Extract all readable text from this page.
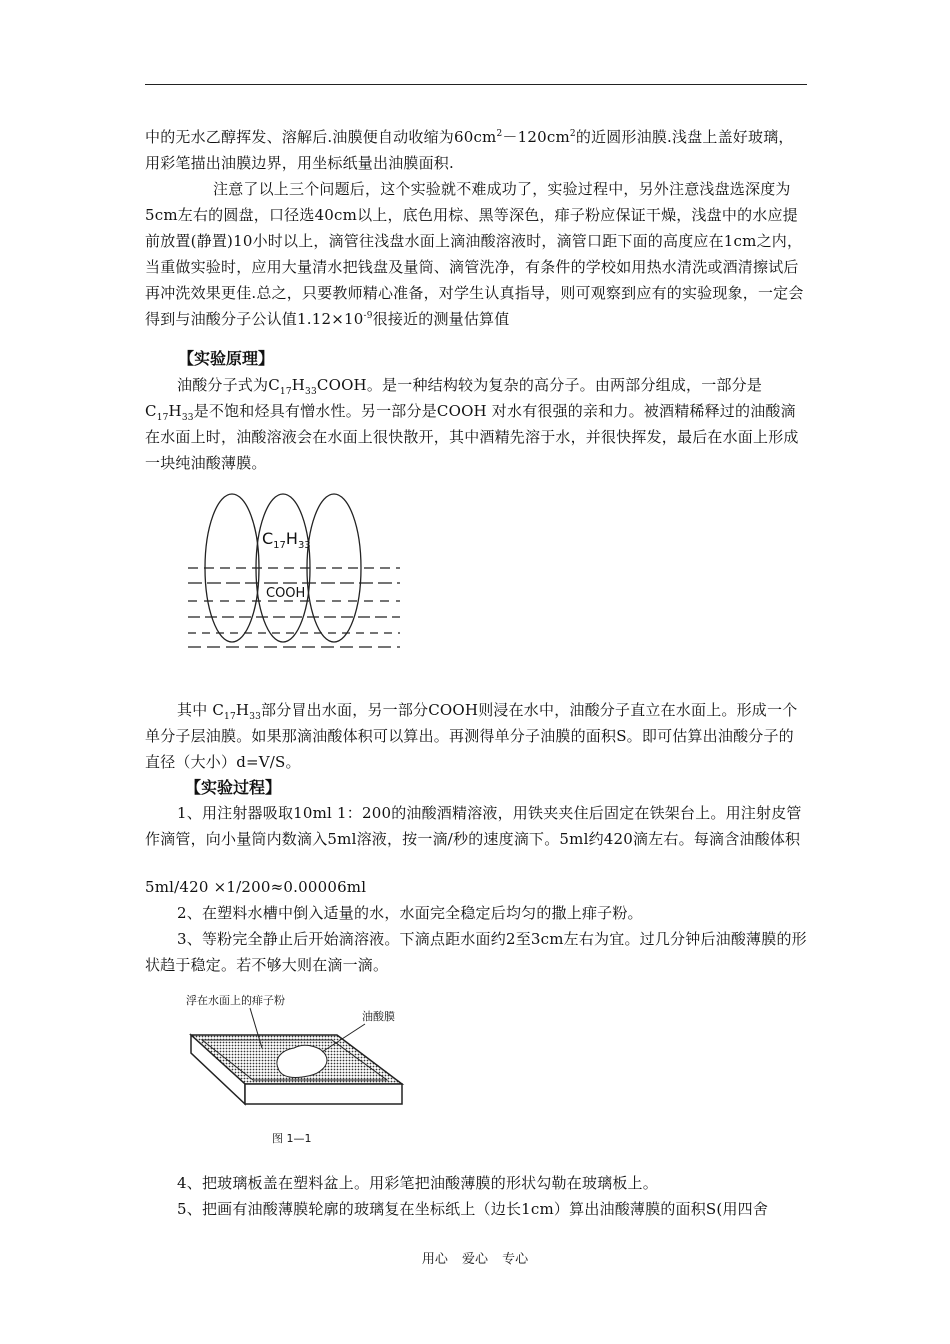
中的无水乙醇挥发、溶解后.油膜便自动收缩为$60cm^2-120cm^2$的近圆形油膜.浅盘上盖好玻璃，用彩笔描出油膜边界，用坐标纸量出油膜面积.

注意了以上三个问题后，这个实验就不难成功了，实验过程中，另外注意浅盘选深度为5cm左右的圆盘，口径选40cm以上，底色用棕、黑等深色，痱子粉应保证干燥，浅盘中的水应提前放置(静置)10小时以上，滴管往浅盘水面上滴油酸溶液时，滴管口距下面的高度应在1cm之内，当重做实验时，应用大量清水把钱盘及量筒、滴管洗净，有条件的学校如用热水清洗或酒清擦试后再冲洗效果更佳.总之，只要教师精心准备，对学生认真指导，则可观察到应有的实验现象，一定会得到与油酸分子公认值$1.12\times 10^{-9}$很接近的测量估算值

【实验原理】

油酸分子式为$C_{17}H_{33}COOH$。是一种结构较为复杂的高分子。由两部分组成，一部分是$C_{17}H_{33}$是不饱和烃具有憎水性。另一部分是COOH 对水有很强的亲和力。被酒精稀释过的油酸滴在水面上时，油酸溶液会在水面上很快散开，其中酒精先溶于水，并很快挥发，最后在水面上形成一块纯油酸薄膜。

$C_{17}H_{33}$
COOH

其中 $C_{17}H_{33}$部分冒出水面，另一部分COOH则浸在水中，油酸分子直立在水面上。形成一个单分子层油膜。如果那滴油酸体积可以算出。再测得单分子油膜的面积S。即可估算出油酸分子的直径（大小）d=V/S。

【实验过程】

1、用注射器吸取10ml 1：200的油酸酒精溶液，用铁夹夹住后固定在铁架台上。用注射皮管作滴管，向小量筒内数滴入5ml溶液，按一滴/秒的速度滴下。5ml约420滴左右。每滴含油酸体积

5ml/420 ×1/200≈0.00006ml

2、在塑料水槽中倒入适量的水，水面完全稳定后均匀的撒上痱子粉。

3、等粉完全静止后开始滴溶液。下滴点距水面约2至3cm左右为宜。过几分钟后油酸薄膜的形状趋于稳定。若不够大则在滴一滴。

浮在水面上的痱子粉
油酸膜
图 1—1

4、把玻璃板盖在塑料盆上。用彩笔把油酸薄膜的形状勾勒在玻璃板上。

5、把画有油酸薄膜轮廓的玻璃复在坐标纸上（边长1cm）算出油酸薄膜的面积S(用四舍

用心 爱心 专心
